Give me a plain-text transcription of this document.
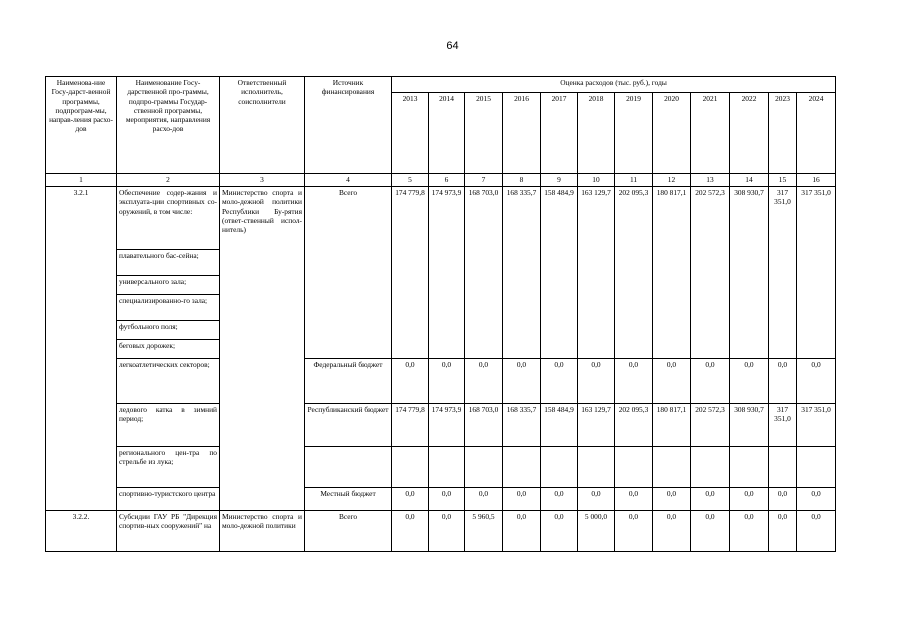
64
Наименова-ние Госу-дарст-венной программы, подпрограм-мы, направ-ления расхо-дов	Наименование Госу-дарственной про-граммы, подпро-граммы Государ-ственной программы, мероприятия, направления расхо-дов	Ответственный исполнитель, соисполнители	Источник финансирования	Оценка расходов (тыс. руб.), годы											
				2013	2014	2015	2016	2017	2018	2019	2020	2021	2022	2023	2024
1	2	3	4	5	6	7	8	9	10	11	12	13	14	15	16
3.2.1	Обеспечение содер-жания и эксплуата-ции спортивных со-оружений, в том числе:	Министерство спорта и моло-дежной политики Республики Бу-рятия (ответ-ственный испол-нитель)	Всего	174 779,8	174 973,9	168 703,0	168 335,7	158 484,9	163 129,7	202 095,3	180 817,1	202 572,3	308 930,7	317 351,0	317 351,0
	плавательного бас-сейна;														
	универсального зала;														
	специализированно-го зала;														
	футбольного поля;														
	беговых дорожек;														
	легкоатлетических секторов;		Федеральный бюджет	0,0	0,0	0,0	0,0	0,0	0,0	0,0	0,0	0,0	0,0	0,0	0,0
	ледового катка в зимний период;		Республиканский бюджет	174 779,8	174 973,9	168 703,0	168 335,7	158 484,9	163 129,7	202 095,3	180 817,1	202 572,3	308 930,7	317 351,0	317 351,0
	регионального цен-тра по стрельбе из лука;														
	спортивно-туристского центра		Местный бюджет	0,0	0,0	0,0	0,0	0,0	0,0	0,0	0,0	0,0	0,0	0,0	0,0
3.2.2.	Субсидии ГАУ РБ "Дирекция спортив-ных сооружений" на	Министерство спорта и моло-дежной политики	Всего	0,0	0,0	5 960,5	0,0	0,0	5 000,0	0,0	0,0	0,0	0,0	0,0	0,0
